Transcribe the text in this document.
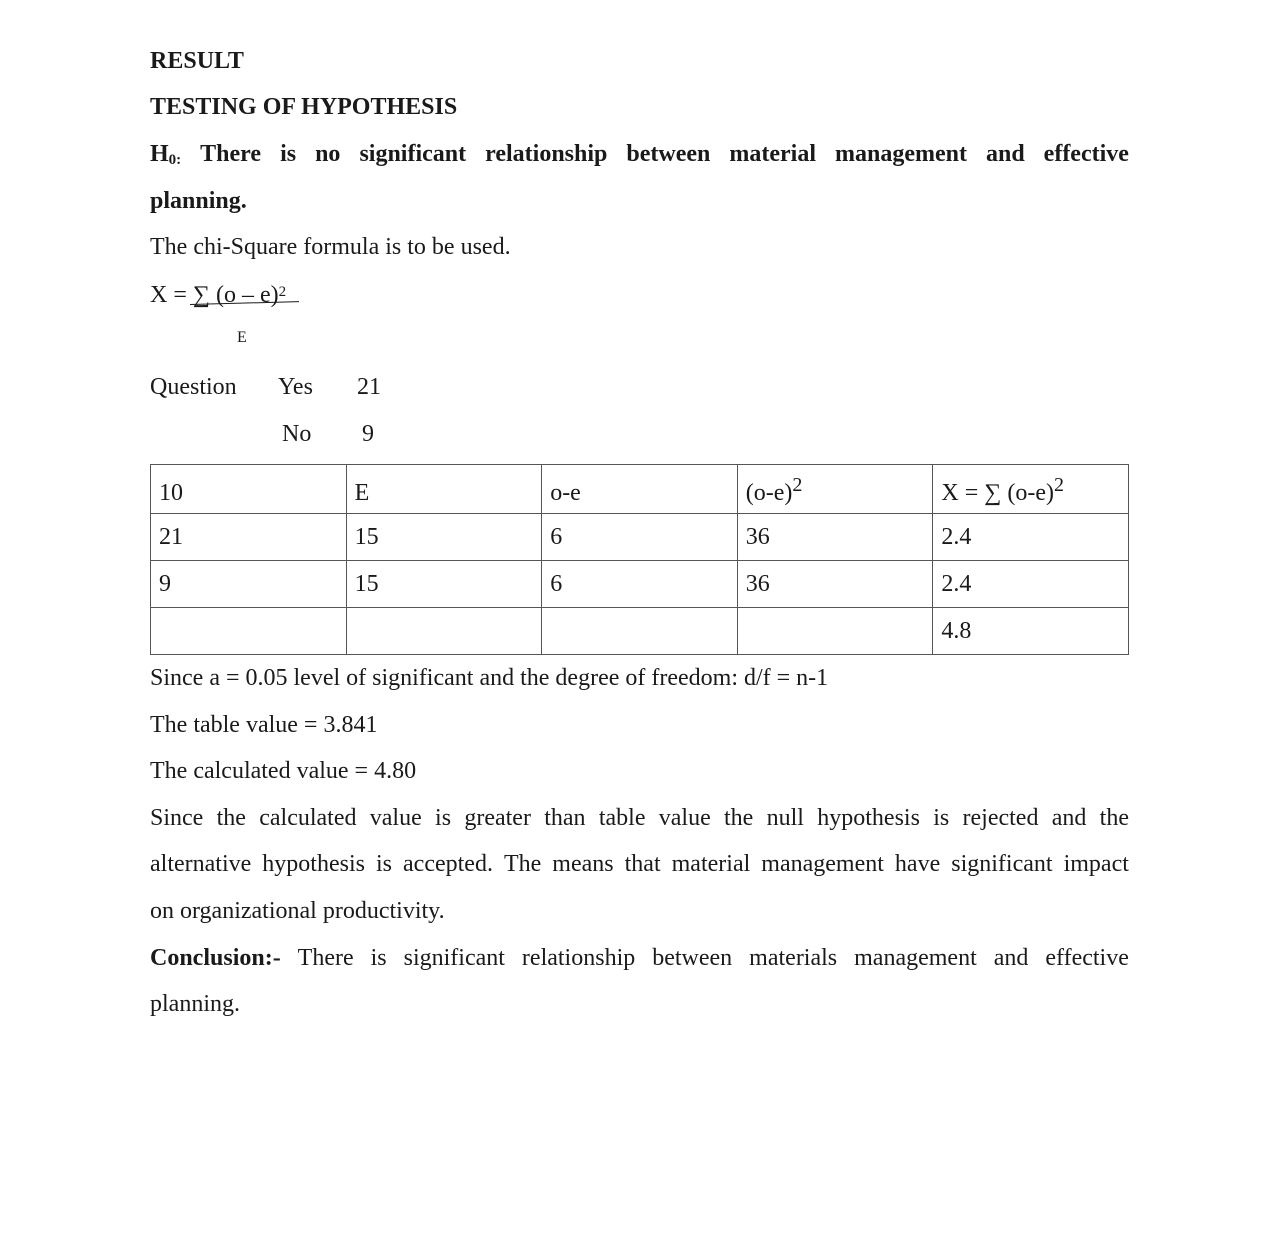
RESULT
TESTING OF HYPOTHESIS
$H_{0:}$ There is no significant relationship between material management and effective
planning.
The chi-Square formula is to be used.
X = ∑ (o – e)$^2$
E
Question Yes 21
No 9
10	E	o-e	$(o-e)^2$	X = ∑ $(o-e)^2$
21	15	6	36	2.4
9	15	6	36	2.4
				4.8
Since a = 0.05 level of significant and the degree of freedom: d/f = n-1
The table value = 3.841
The calculated value = 4.80
Since the calculated value is greater than table value the null hypothesis is rejected and the
alternative hypothesis is accepted. The means that material management have significant impact
on organizational productivity.
Conclusion:- There is significant relationship between materials management and effective
planning.
